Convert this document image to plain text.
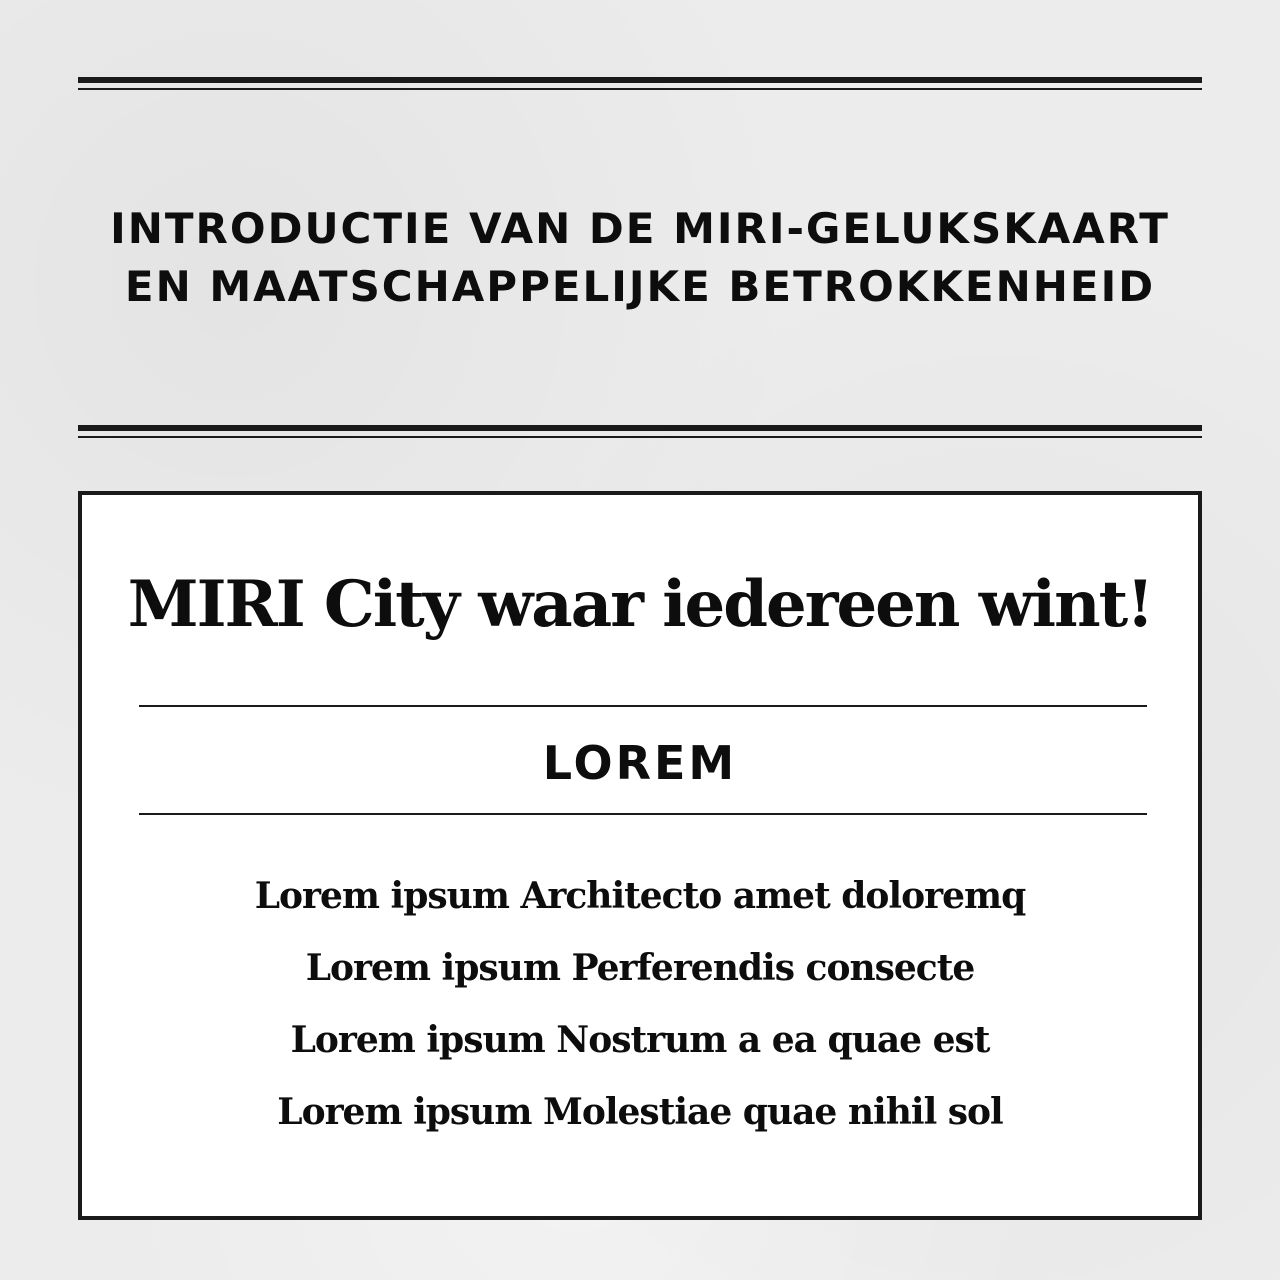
INTRODUCTIE VAN DE MIRI-GELUKSKAART
EN MAATSCHAPPELIJKE BETROKKENHEID
MIRI City waar iedereen wint!
LOREM
Lorem ipsum Architecto amet doloremq
Lorem ipsum Perferendis consecte
Lorem ipsum Nostrum a ea quae est
Lorem ipsum Molestiae quae nihil sol
